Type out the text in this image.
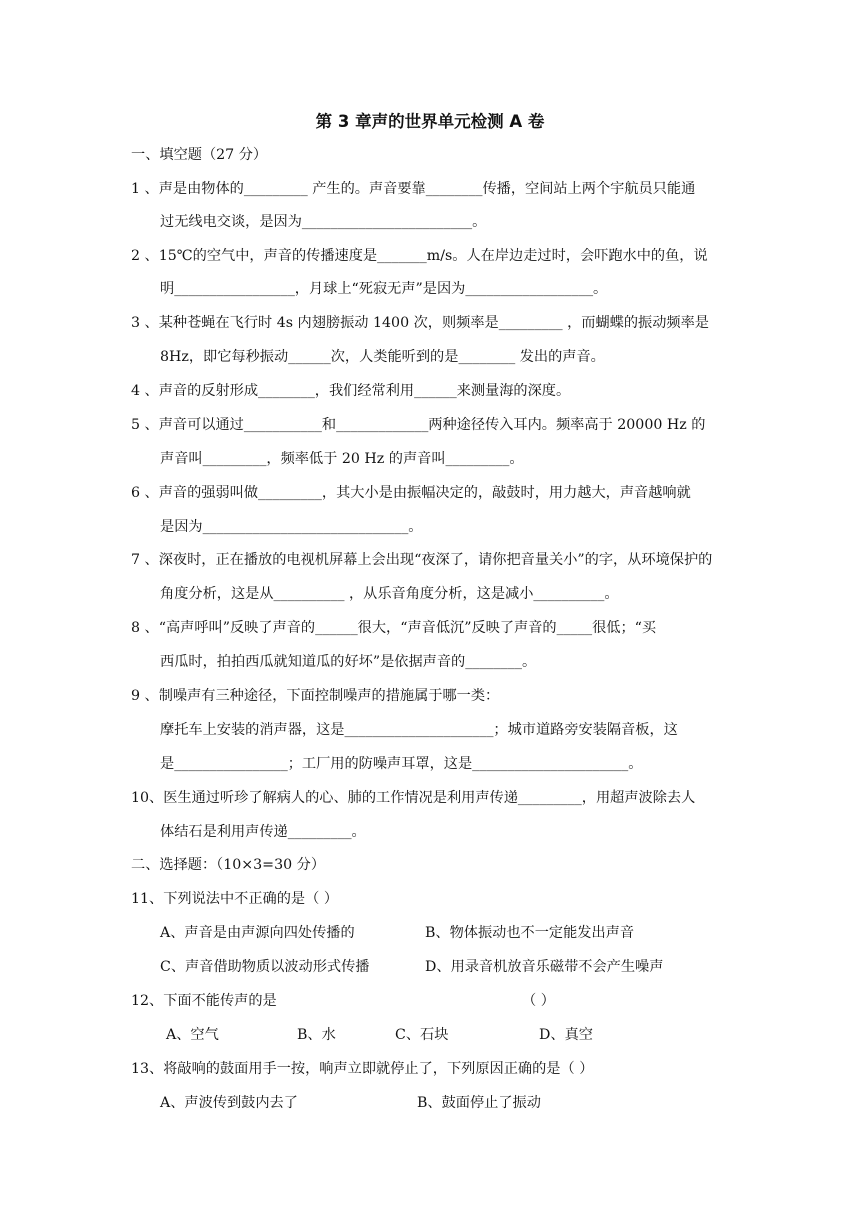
第 3 章声的世界单元检测 A 卷
一、填空题（27 分）
1 、声是由物体的_________ 产生的。声音要靠________传播，空间站上两个宇航员只能通
过无线电交谈，是因为________________________。
2 、15℃的空气中，声音的传播速度是_______m/s。人在岸边走过时，会吓跑水中的鱼，说
明_________________，月球上“死寂无声”是因为__________________。
3 、某种苍蝇在飞行时 4s 内翅膀振动 1400 次，则频率是_________ ，而蝴蝶的振动频率是
8Hz，即它每秒振动______次，人类能听到的是________ 发出的声音。
4 、声音的反射形成________，我们经常利用______来测量海的深度。
5 、声音可以通过___________和_____________两种途径传入耳内。频率高于 20000 Hz 的
声音叫_________，频率低于 20 Hz 的声音叫_________。
6 、声音的强弱叫做_________，其大小是由振幅决定的，敲鼓时，用力越大，声音越响就
是因为_____________________________。
7 、深夜时，正在播放的电视机屏幕上会出现“夜深了，请你把音量关小”的字，从环境保护的
角度分析，这是从__________ ，从乐音角度分析，这是减小__________。
8 、“高声呼叫”反映了声音的______很大，“声音低沉”反映了声音的_____很低；“买
西瓜时，拍拍西瓜就知道瓜的好坏”是依据声音的________。
9 、制噪声有三种途径，下面控制噪声的措施属于哪一类：
摩托车上安装的消声器，这是_____________________；城市道路旁安装隔音板，这
是________________；工厂用的防噪声耳罩，这是______________________。
10、医生通过听珍了解病人的心、肺的工作情况是利用声传递_________，用超声波除去人
体结石是利用声传递_________。
二、选择题：（10×3=30 分）
11、下列说法中不正确的是（ ）
A、声音是由声源向四处传播的	B、物体振动也不一定能发出声音
C、声音借助物质以波动形式传播	D、用录音机放音乐磁带不会产生噪声
12、下面不能传声的是	（ ）
A、空气	B、水	C、石块	D、真空
13、将敲响的鼓面用手一按，响声立即就停止了，下列原因正确的是（ ）
A、声波传到鼓内去了	B、鼓面停止了振动
